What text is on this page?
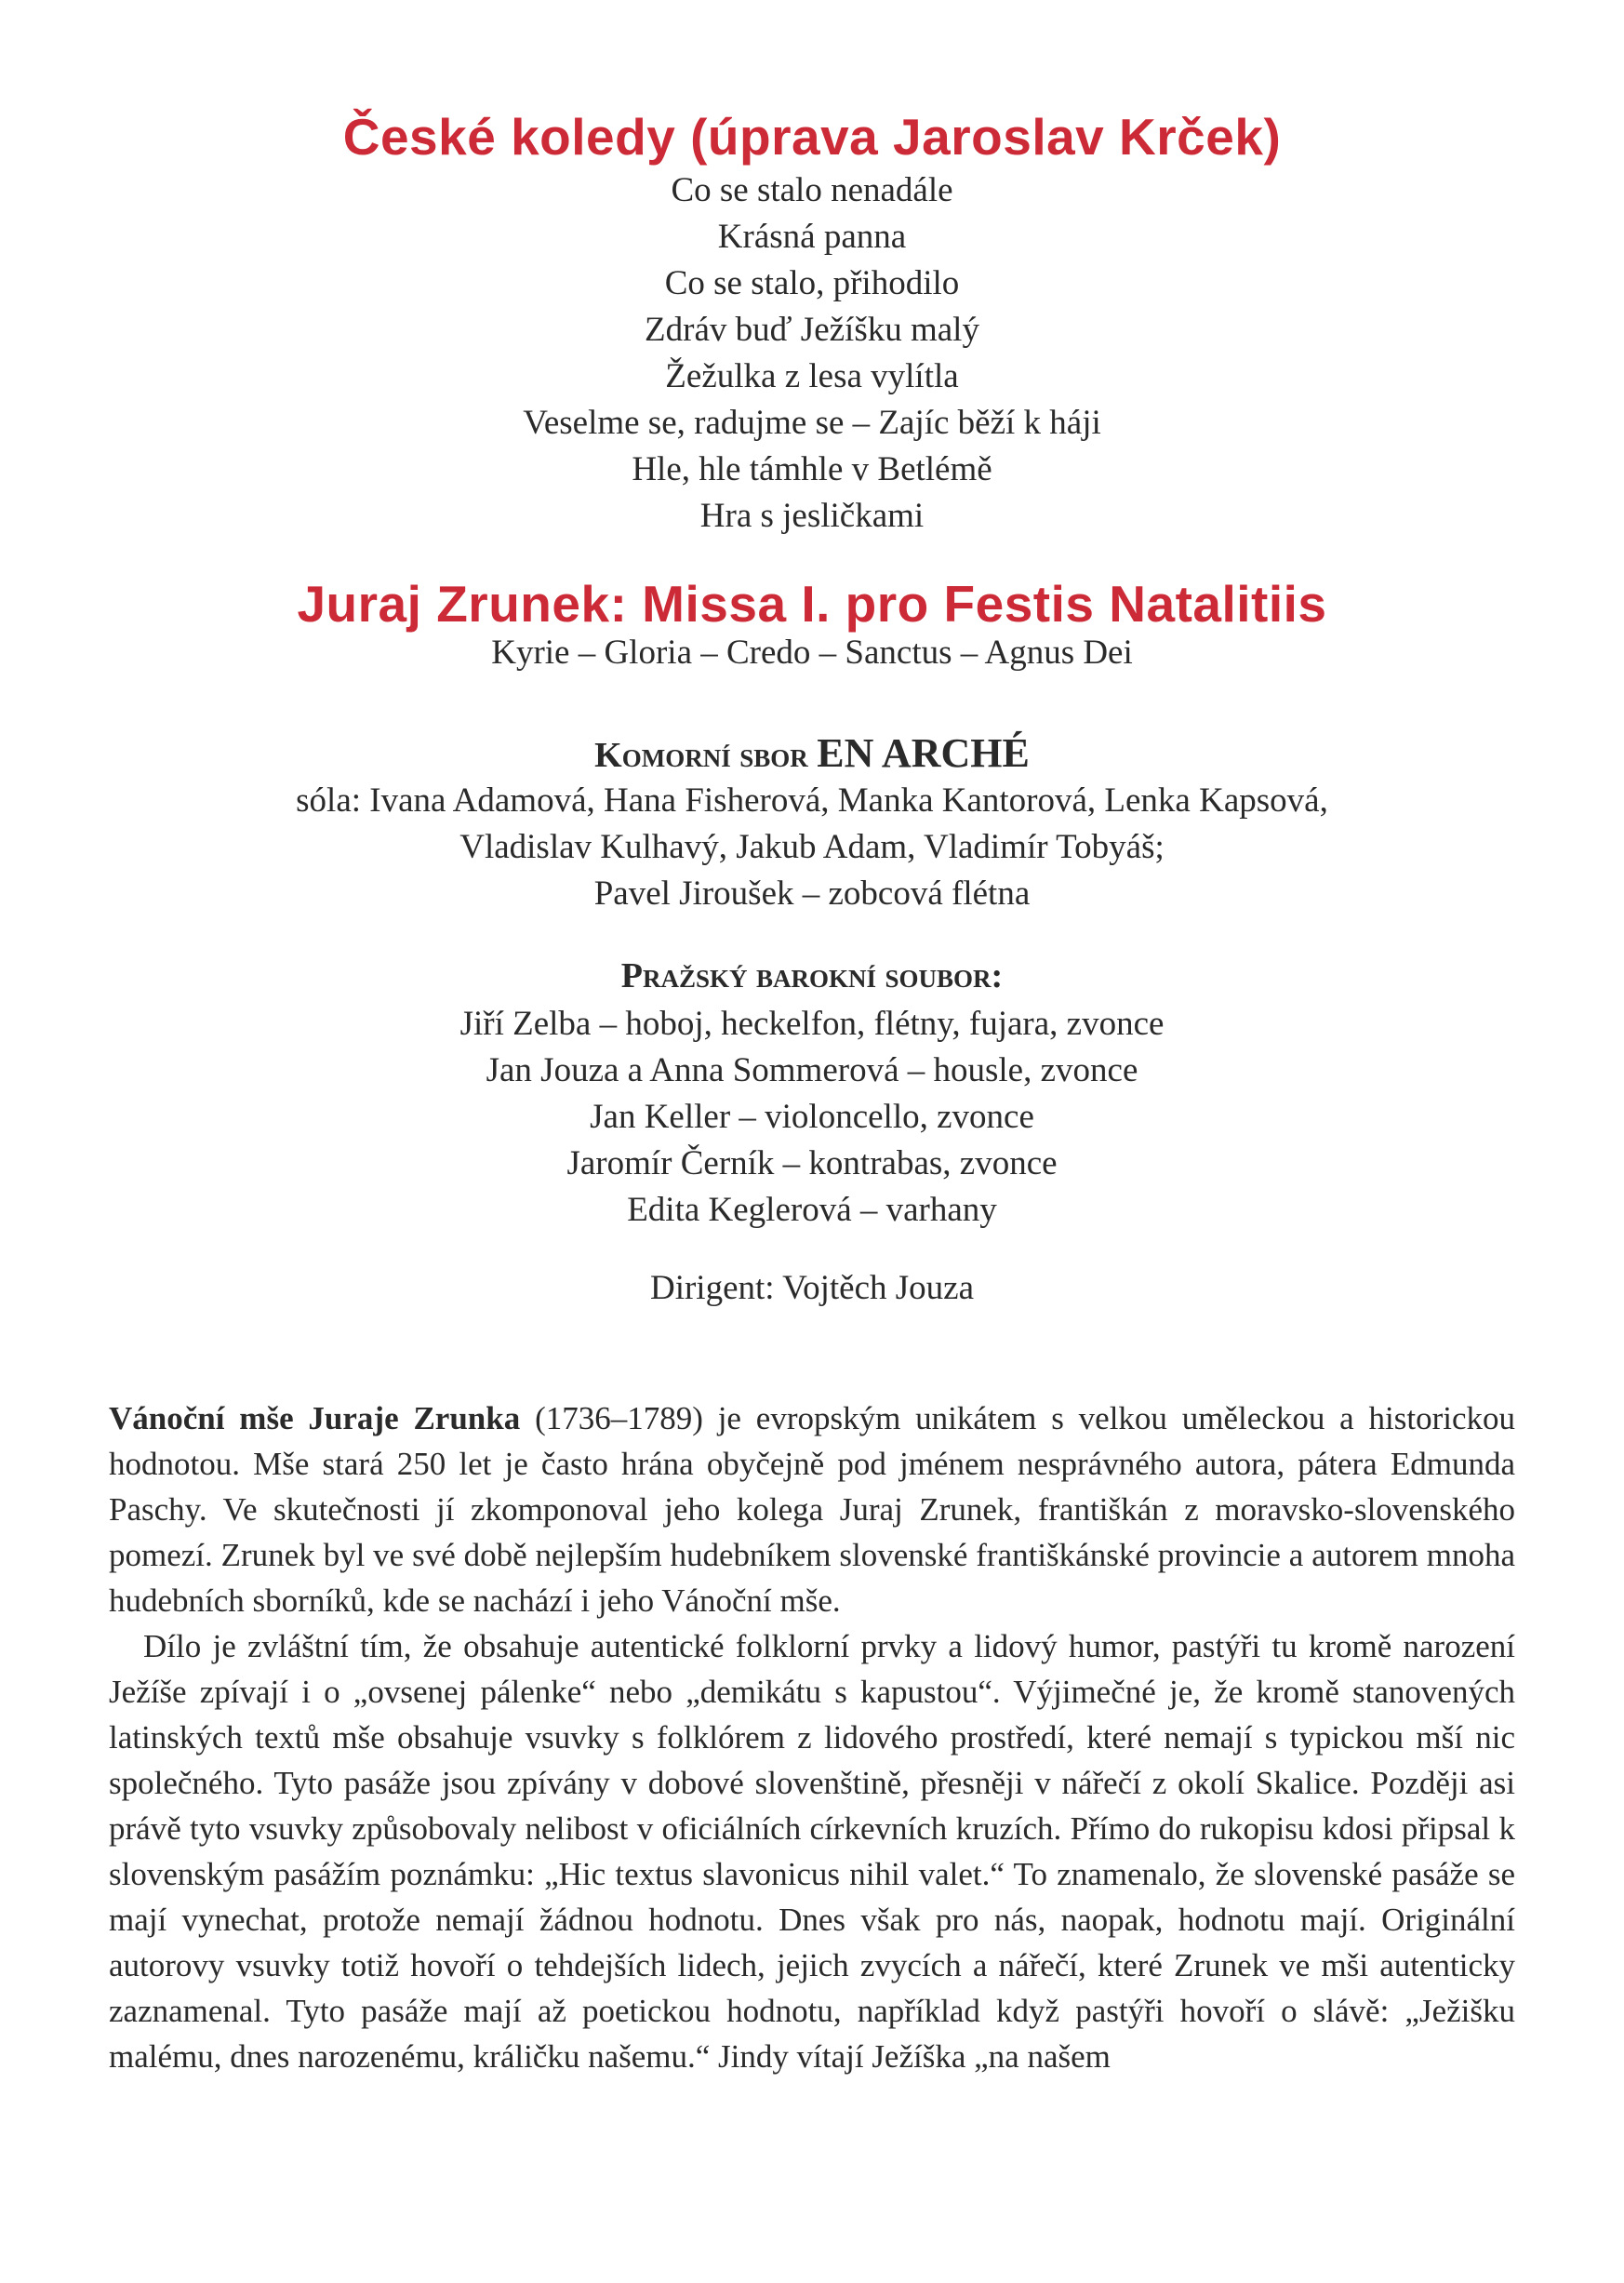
České koledy (úprava Jaroslav Krček)
Co se stalo nenadále
Krásná panna
Co se stalo, přihodilo
Zdráv buď Ježíšku malý
Žežulka z lesa vylítla
Veselme se, radujme se – Zajíc běží k háji
Hle, hle támhle v Betlémě
Hra s jesličkami
Juraj Zrunek: Missa I. pro Festis Natalitiis
Kyrie – Gloria – Credo – Sanctus – Agnus Dei
Komorní sbor EN ARCHÉ
sóla: Ivana Adamová, Hana Fisherová, Manka Kantorová, Lenka Kapsová,
Vladislav Kulhavý, Jakub Adam, Vladimír Tobyáš;
Pavel Jiroušek – zobcová flétna
Pražský barokní soubor:
Jiří Zelba – hoboj, heckelfon, flétny, fujara, zvonce
Jan Jouza a Anna Sommerová – housle, zvonce
Jan Keller – violoncello, zvonce
Jaromír Černík – kontrabas, zvonce
Edita Keglerová – varhany
Dirigent: Vojtěch Jouza

Vánoční mše Juraje Zrunka (1736–1789) je evropským unikátem s velkou uměleckou a historickou hodnotou. Mše stará 250 let je často hrána obyčejně pod jménem nesprávného autora, pátera Edmunda Paschy. Ve skutečnosti jí zkomponoval jeho kolega Juraj Zrunek, františkán z moravsko-slovenského pomezí. Zrunek byl ve své době nejlepším hudebníkem slovenské františkánské provincie a autorem mnoha hudebních sborníků, kde se nachází i jeho Vánoční mše.

Dílo je zvláštní tím, že obsahuje autentické folklorní prvky a lidový humor, pastýři tu kromě narození Ježíše zpívají i o „ovsenej pálenke“ nebo „demikátu s kapustou“. Výjimečné je, že kromě stanovených latinských textů mše obsahuje vsuvky s folklórem z lidového prostředí, které nemají s typickou mší nic společného. Tyto pasáže jsou zpívány v dobové slovenštině, přesněji v nářečí z okolí Skalice. Později asi právě tyto vsuvky způsobovaly nelibost v oficiálních církevních kruzích. Přímo do rukopisu kdosi připsal k slovenským pasážím poznámku: „Hic textus slavonicus nihil valet.“ To znamenalo, že slovenské pasáže se mají vynechat, protože nemají žádnou hodnotu. Dnes však pro nás, naopak, hodnotu mají. Originální autorovy vsuvky totiž hovoří o tehdejších lidech, jejich zvycích a nářečí, které Zrunek ve mši autenticky zaznamenal. Tyto pasáže mají až poetickou hodnotu, například když pastýři hovoří o slávě: „Ježišku malému, dnes narozenému, králičku našemu.“ Jindy vítají Ježíška „na našem
